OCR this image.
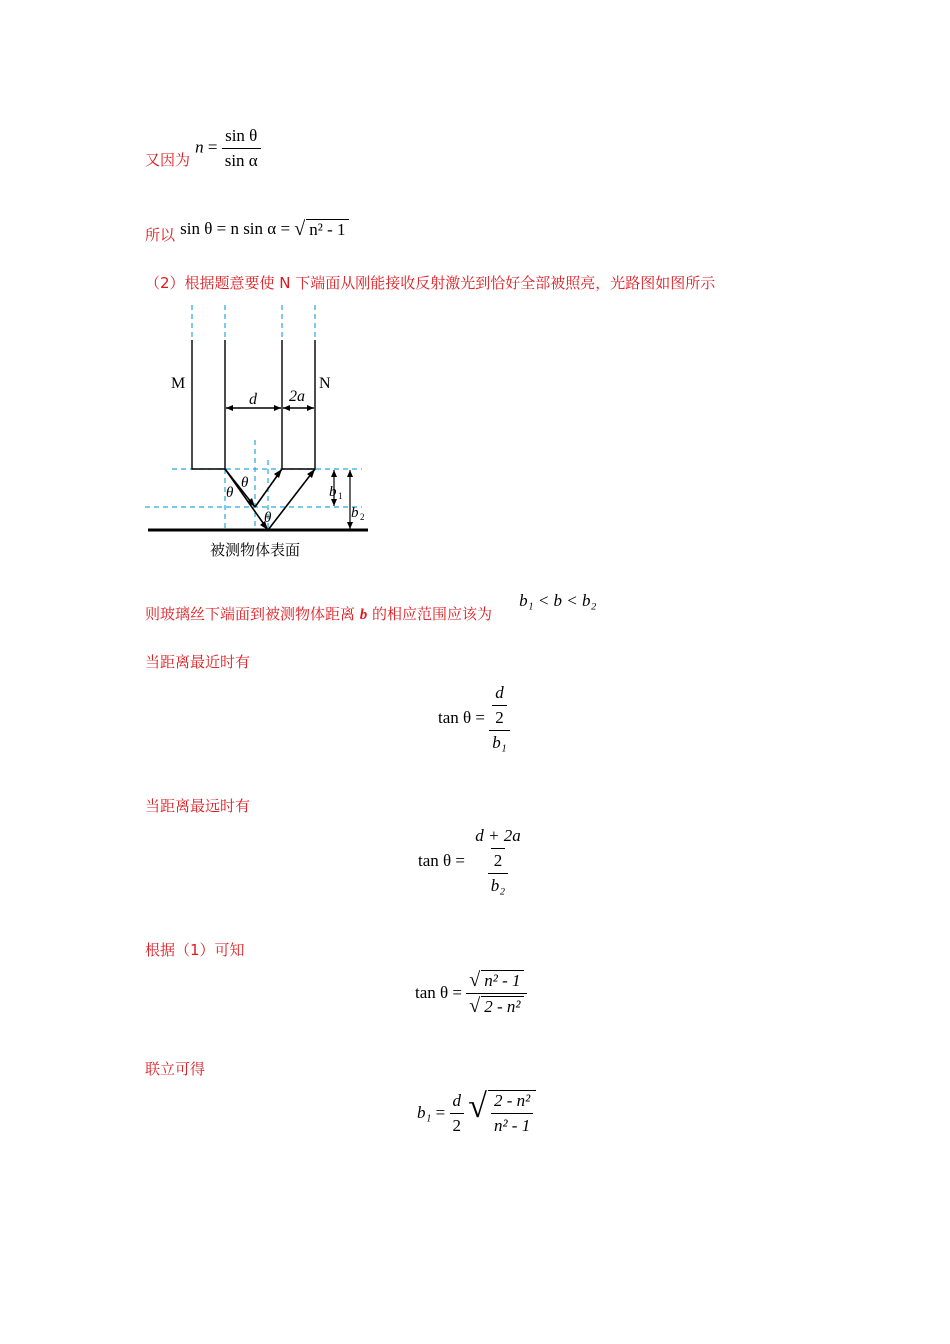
又因为 $n = \frac{\text{sin θ}}{\text{sin α}}$
所以 sin θ = n sin α = √ n² - 1
（2）根据题意要使 N 下端面从刚能接收反射激光到恰好全部被照亮，光路图如图所示
M	N
d 2a
θ
θ
θ
b 1
b 2
被测物体表面
则玻璃丝下端面到被测物体距离 b 的相应范围应该为 b₁ < b < b₂
当距离最近时有
$\tan \theta = \frac{\frac{d}{2}}{\text{b₁}}$
当距离最远时有
$\tan \theta = \frac{\frac{d + 2a}{2}}{\text{b₂}}$
根据（1）可知
$\tan \theta = \frac{\text{√ n² - 1}}{\text{√ 2 - n²}}$
联立可得
$b_1 = \frac{d}{2}$
√ $\frac{\text{2 - n²}}{\text{n² - 1}}$
